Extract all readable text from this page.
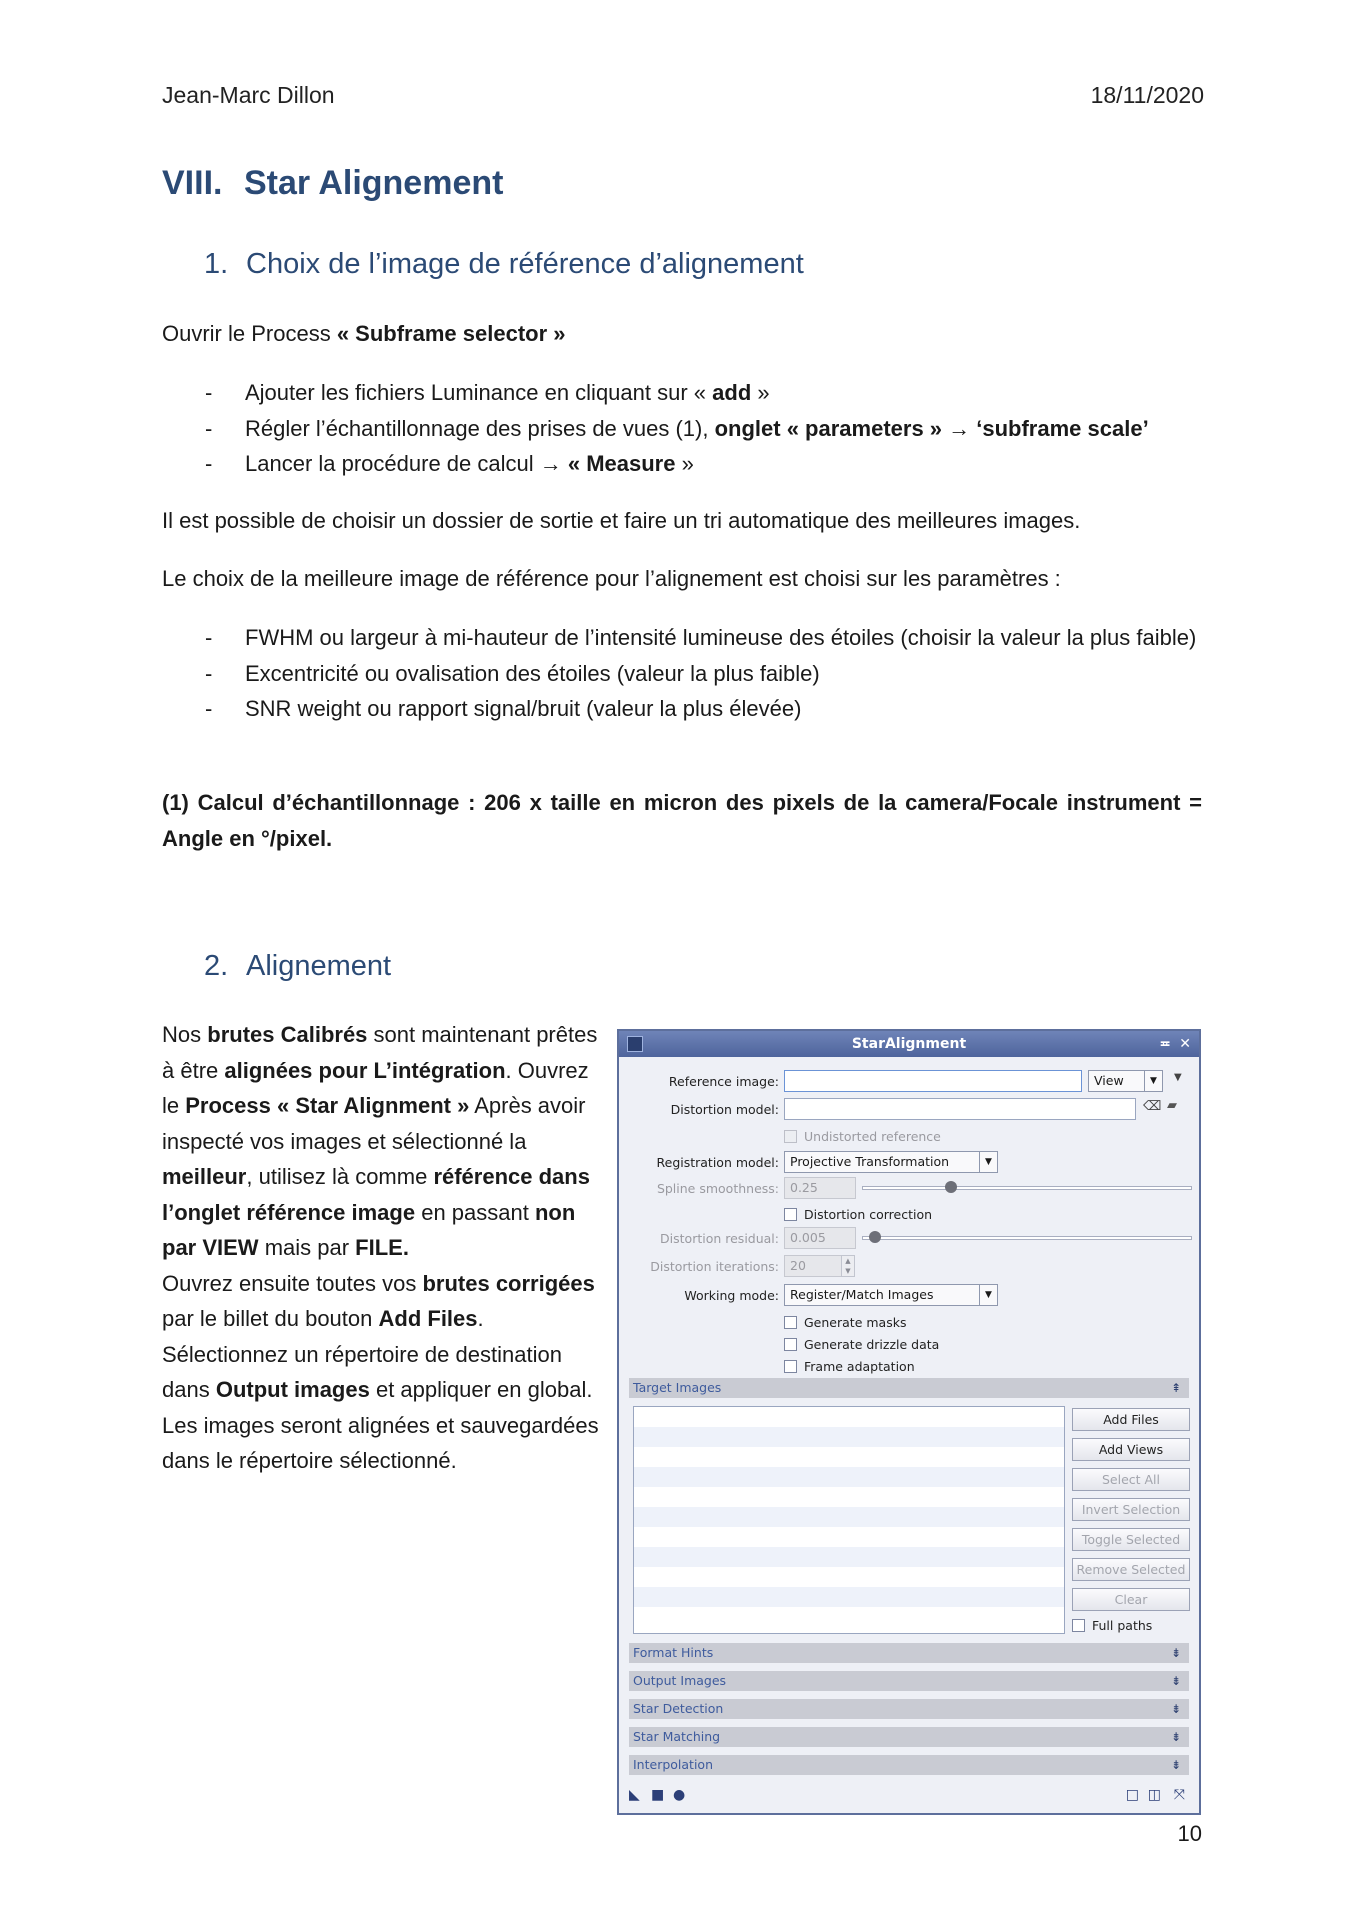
Jean-Marc Dillon	18/11/2020
VIII. Star Alignement
1. Choix de l’image de référence d’alignement
Ouvrir le Process « Subframe selector »
- Ajouter les fichiers Luminance en cliquant sur « add »
- Régler l’échantillonnage des prises de vues (1), onglet « parameters » → ‘subframe scale’
- Lancer la procédure de calcul → « Measure »
Il est possible de choisir un dossier de sortie et faire un tri automatique des meilleures images.
Le choix de la meilleure image de référence pour l’alignement est choisi sur les paramètres :
- FWHM ou largeur à mi-hauteur de l’intensité lumineuse des étoiles (choisir la valeur la plus faible)
- Excentricité ou ovalisation des étoiles (valeur la plus faible)
- SNR weight ou rapport signal/bruit (valeur la plus élevée)
(1) Calcul d’échantillonnage : 206 x taille en micron des pixels de la camera/Focale instrument = Angle en °/pixel.
2. Alignement
Nos brutes Calibrés sont maintenant prêtes à être alignées pour L’intégration. Ouvrez le Process « Star Alignment » Après avoir inspecté vos images et sélectionné la meilleur, utilisez là comme référence dans l’onglet référence image en passant non par VIEW mais par FILE.
Ouvrez ensuite toutes vos brutes corrigées par le billet du bouton Add Files.
Sélectionnez un répertoire de destination dans Output images et appliquer en global. Les images seront alignées et sauvegardées dans le répertoire sélectionné.
StarAlignment	≖ ✕
Reference image:	View	▼	▼
Distortion model:	⌫ ▰
Undistorted reference
Registration model: Projective Transformation	▼
Spline smoothness: 0.25
Distortion correction
Distortion residual: 0.005
Distortion iterations: 20	▲
▼
Working mode: Register/Match Images	▼
Generate masks
Generate drizzle data
Frame adaptation
Target Images	⇞
Add Files
Add Views
Select All
Invert Selection
Toggle Selected
Remove Selected
Clear
Full paths
Format Hints	⇟
Output Images	⇟
Star Detection	⇟
Star Matching	⇟
Interpolation	⇟
◣ ■ ●	□ ◫ ⤧
10
